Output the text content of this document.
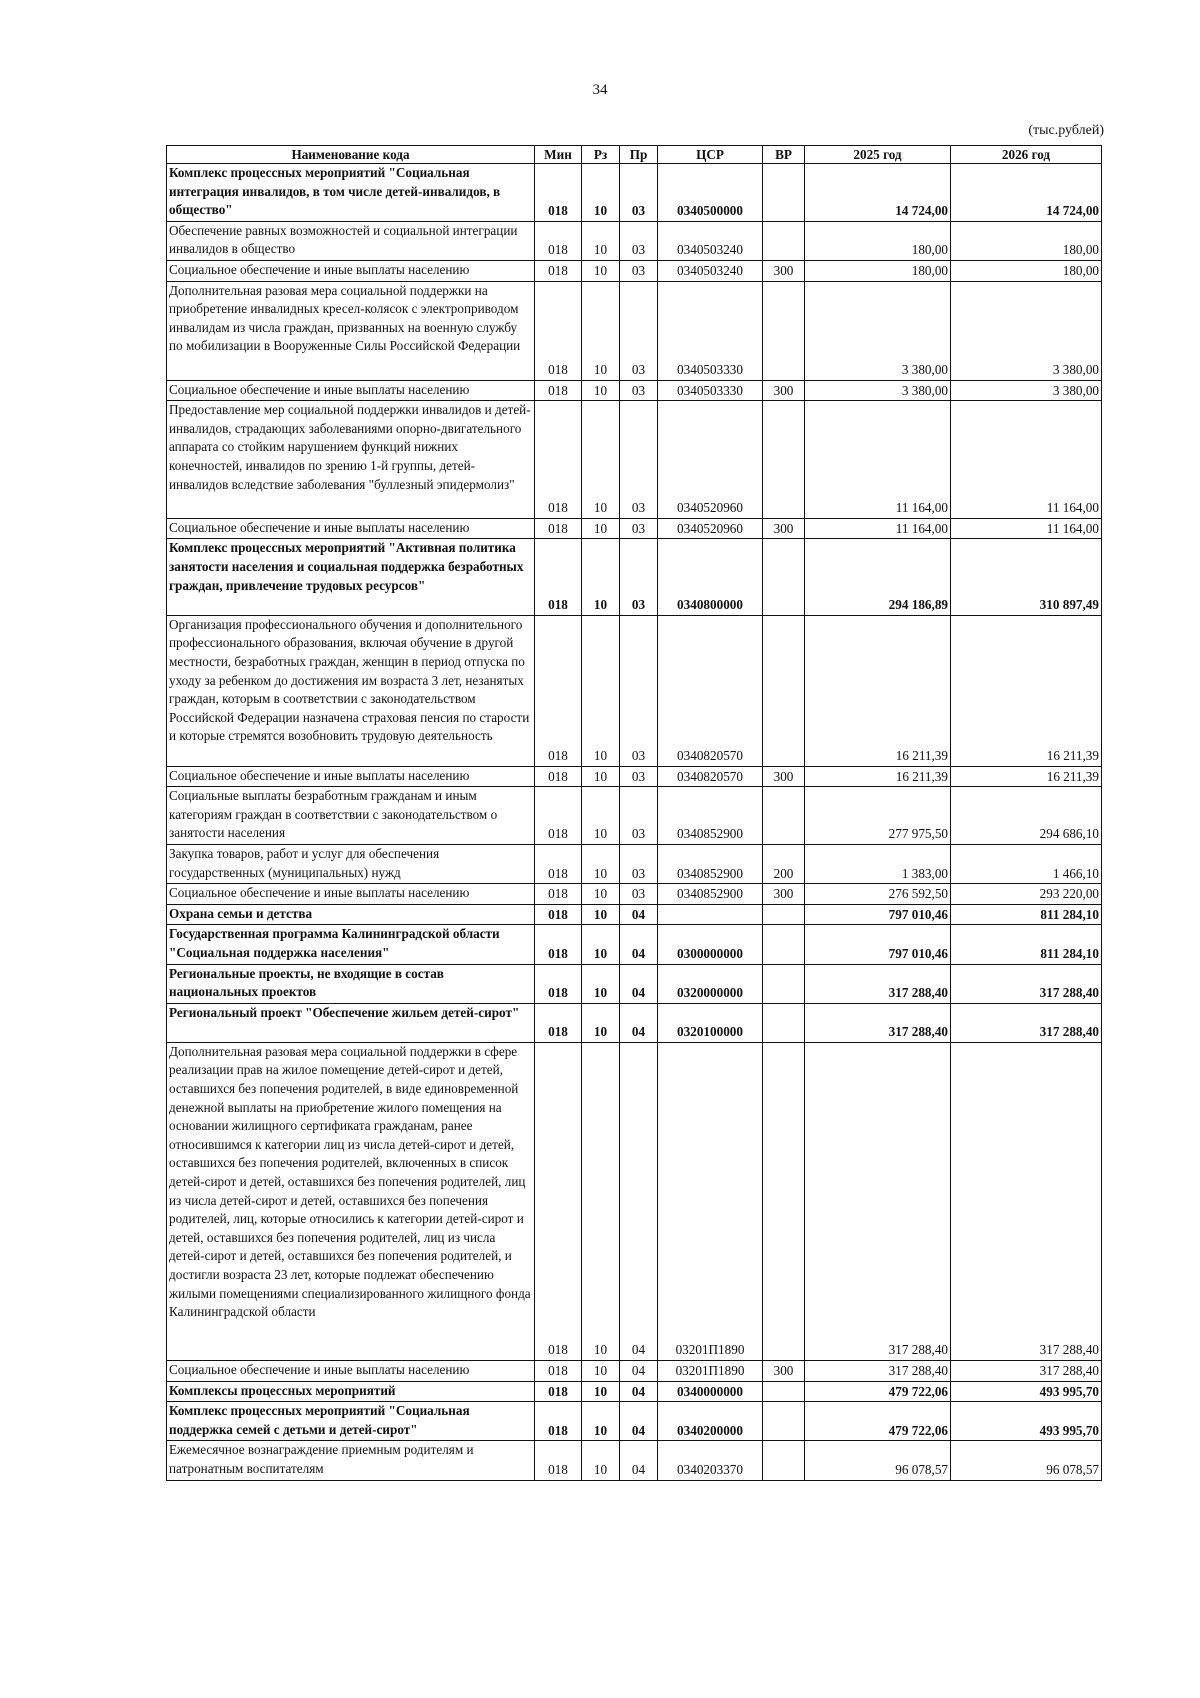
34
(тыс.рублей)
Наименование кода	Мин	Рз	Пр	ЦСР	ВР	2025 год	2026 год
Комплекс процессных мероприятий "Социальная интеграция инвалидов, в том числе детей-инвалидов, в общество"	018	10	03	0340500000		14 724,00	14 724,00
Обеспечение равных возможностей и социальной интеграции инвалидов в общество	018	10	03	0340503240		180,00	180,00
Социальное обеспечение и иные выплаты населению	018	10	03	0340503240	300	180,00	180,00
Дополнительная разовая мера социальной поддержки на приобретение инвалидных кресел-колясок с электроприводом инвалидам из числа граждан, призванных на военную службу по мобилизации в Вооруженные Силы Российской Федерации	018	10	03	0340503330		3 380,00	3 380,00
Социальное обеспечение и иные выплаты населению	018	10	03	0340503330	300	3 380,00	3 380,00
Предоставление мер социальной поддержки инвалидов и детей-инвалидов, страдающих заболеваниями опорно-двигательного аппарата со стойким нарушением функций нижних конечностей, инвалидов по зрению 1-й группы, детей-инвалидов вследствие заболевания "буллезный эпидермолиз"	018	10	03	0340520960		11 164,00	11 164,00
Социальное обеспечение и иные выплаты населению	018	10	03	0340520960	300	11 164,00	11 164,00
Комплекс процессных мероприятий "Активная политика занятости населения и социальная поддержка безработных граждан, привлечение трудовых ресурсов"	018	10	03	0340800000		294 186,89	310 897,49
Организация профессионального обучения и дополнительного профессионального образования, включая обучение в другой местности, безработных граждан, женщин в период отпуска по уходу за ребенком до достижения им возраста 3 лет, незанятых граждан, которым в соответствии с законодательством Российской Федерации назначена страховая пенсия по старости и которые стремятся возобновить трудовую деятельность	018	10	03	0340820570		16 211,39	16 211,39
Социальное обеспечение и иные выплаты населению	018	10	03	0340820570	300	16 211,39	16 211,39
Социальные выплаты безработным гражданам и иным категориям граждан в соответствии с законодательством о занятости населения	018	10	03	0340852900		277 975,50	294 686,10
Закупка товаров, работ и услуг для обеспечения государственных (муниципальных) нужд	018	10	03	0340852900	200	1 383,00	1 466,10
Социальное обеспечение и иные выплаты населению	018	10	03	0340852900	300	276 592,50	293 220,00
Охрана семьи и детства	018	10	04			797 010,46	811 284,10
Государственная программа Калининградской области "Социальная поддержка населения"	018	10	04	0300000000		797 010,46	811 284,10
Региональные проекты, не входящие в состав национальных проектов	018	10	04	0320000000		317 288,40	317 288,40
Региональный проект "Обеспечение жильем детей-сирот"	018	10	04	0320100000		317 288,40	317 288,40
Дополнительная разовая мера социальной поддержки в сфере реализации прав на жилое помещение детей-сирот и детей, оставшихся без попечения родителей, в виде единовременной денежной выплаты на приобретение жилого помещения на основании жилищного сертификата гражданам, ранее относившимся к категории лиц из числа детей-сирот и детей, оставшихся без попечения родителей, включенных в список детей-сирот и детей, оставшихся без попечения родителей, лиц из числа детей-сирот и детей, оставшихся без попечения родителей, лиц, которые относились к категории детей-сирот и детей, оставшихся без попечения родителей, лиц из числа детей-сирот и детей, оставшихся без попечения родителей, и достигли возраста 23 лет, которые подлежат обеспечению жилыми помещениями специализированного жилищного фонда Калининградской области	018	10	04	03201П1890		317 288,40	317 288,40
Социальное обеспечение и иные выплаты населению	018	10	04	03201П1890	300	317 288,40	317 288,40
Комплексы процессных мероприятий	018	10	04	0340000000		479 722,06	493 995,70
Комплекс процессных мероприятий "Социальная поддержка семей с детьми и детей-сирот"	018	10	04	0340200000		479 722,06	493 995,70
Ежемесячное вознаграждение приемным родителям и патронатным воспитателям	018	10	04	0340203370		96 078,57	96 078,57
